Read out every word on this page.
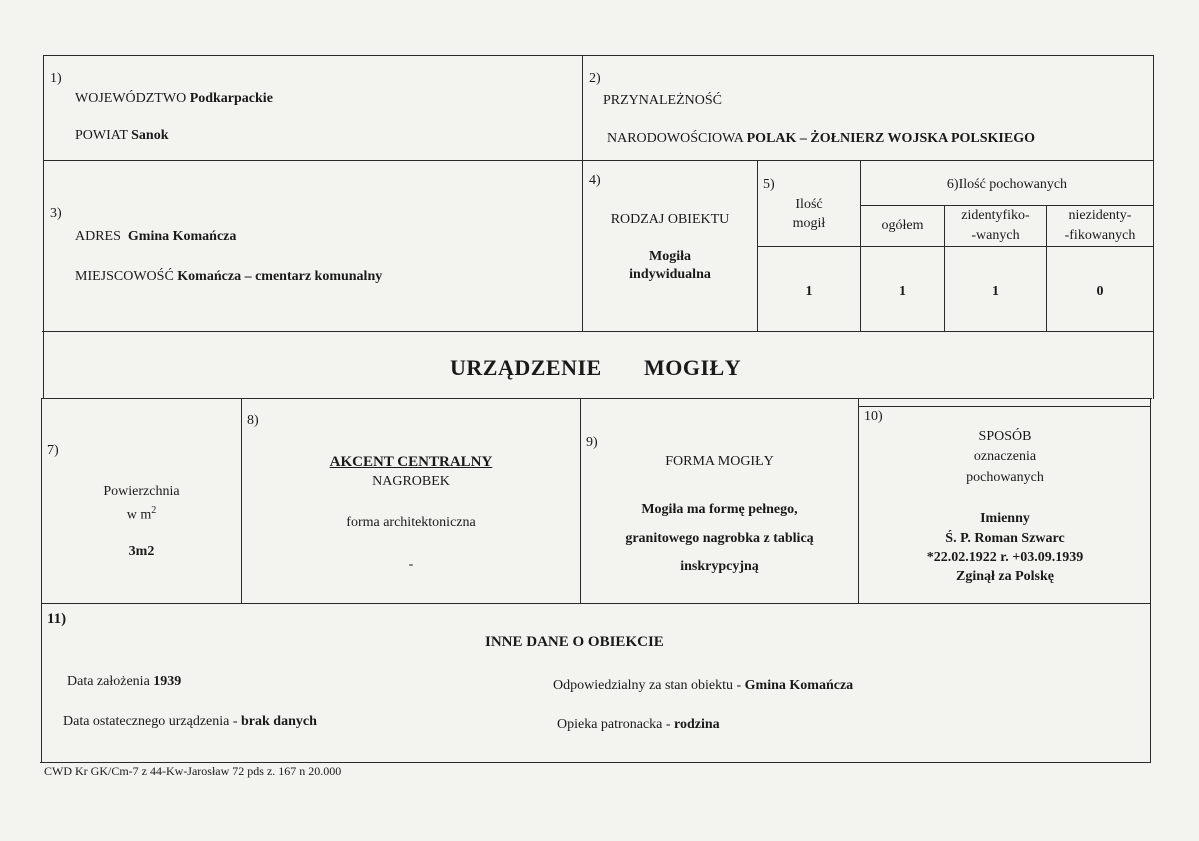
1)
WOJEWÓDZTWO Podkarpackie
POWIAT Sanok
2)
PRZYNALEŻNOŚĆ
NARODOWOŚCIOWA POLAK – ŻOŁNIERZ WOJSKA POLSKIEGO
3)
ADRES Gmina Komańcza
MIEJSCOWOŚĆ Komańcza – cmentarz komunalny
4)
RODZAJ OBIEKTU
Mogiła
indywidualna
5)
Ilość
mogił
1
6)Ilość pochowanych
ogółem
zidentyfiko-
-wanych
niezidenty-
-fikowanych
1	1	0
URZĄDZENIE MOGIŁY
7)
Powierzchnia
w $m^2$
3m2
8)
AKCENT CENTRALNY
NAGROBEK
forma architektoniczna
-
9)
FORMA MOGIŁY
Mogiła ma formę pełnego,
granitowego nagrobka z tablicą
inskrypcyjną
10)
SPOSÓB
oznaczenia
pochowanych
Imienny
Ś. P. Roman Szwarc
*22.02.1922 r. +03.09.1939
Zginął za Polskę
11)
INNE DANE O OBIEKCIE
Data założenia 1939
Data ostatecznego urządzenia - brak danych
Odpowiedzialny za stan obiektu - Gmina Komańcza
Opieka patronacka - rodzina
CWD Kr GK/Cm-7 z 44-Kw-Jarosław 72 pds z. 167 n 20.000
